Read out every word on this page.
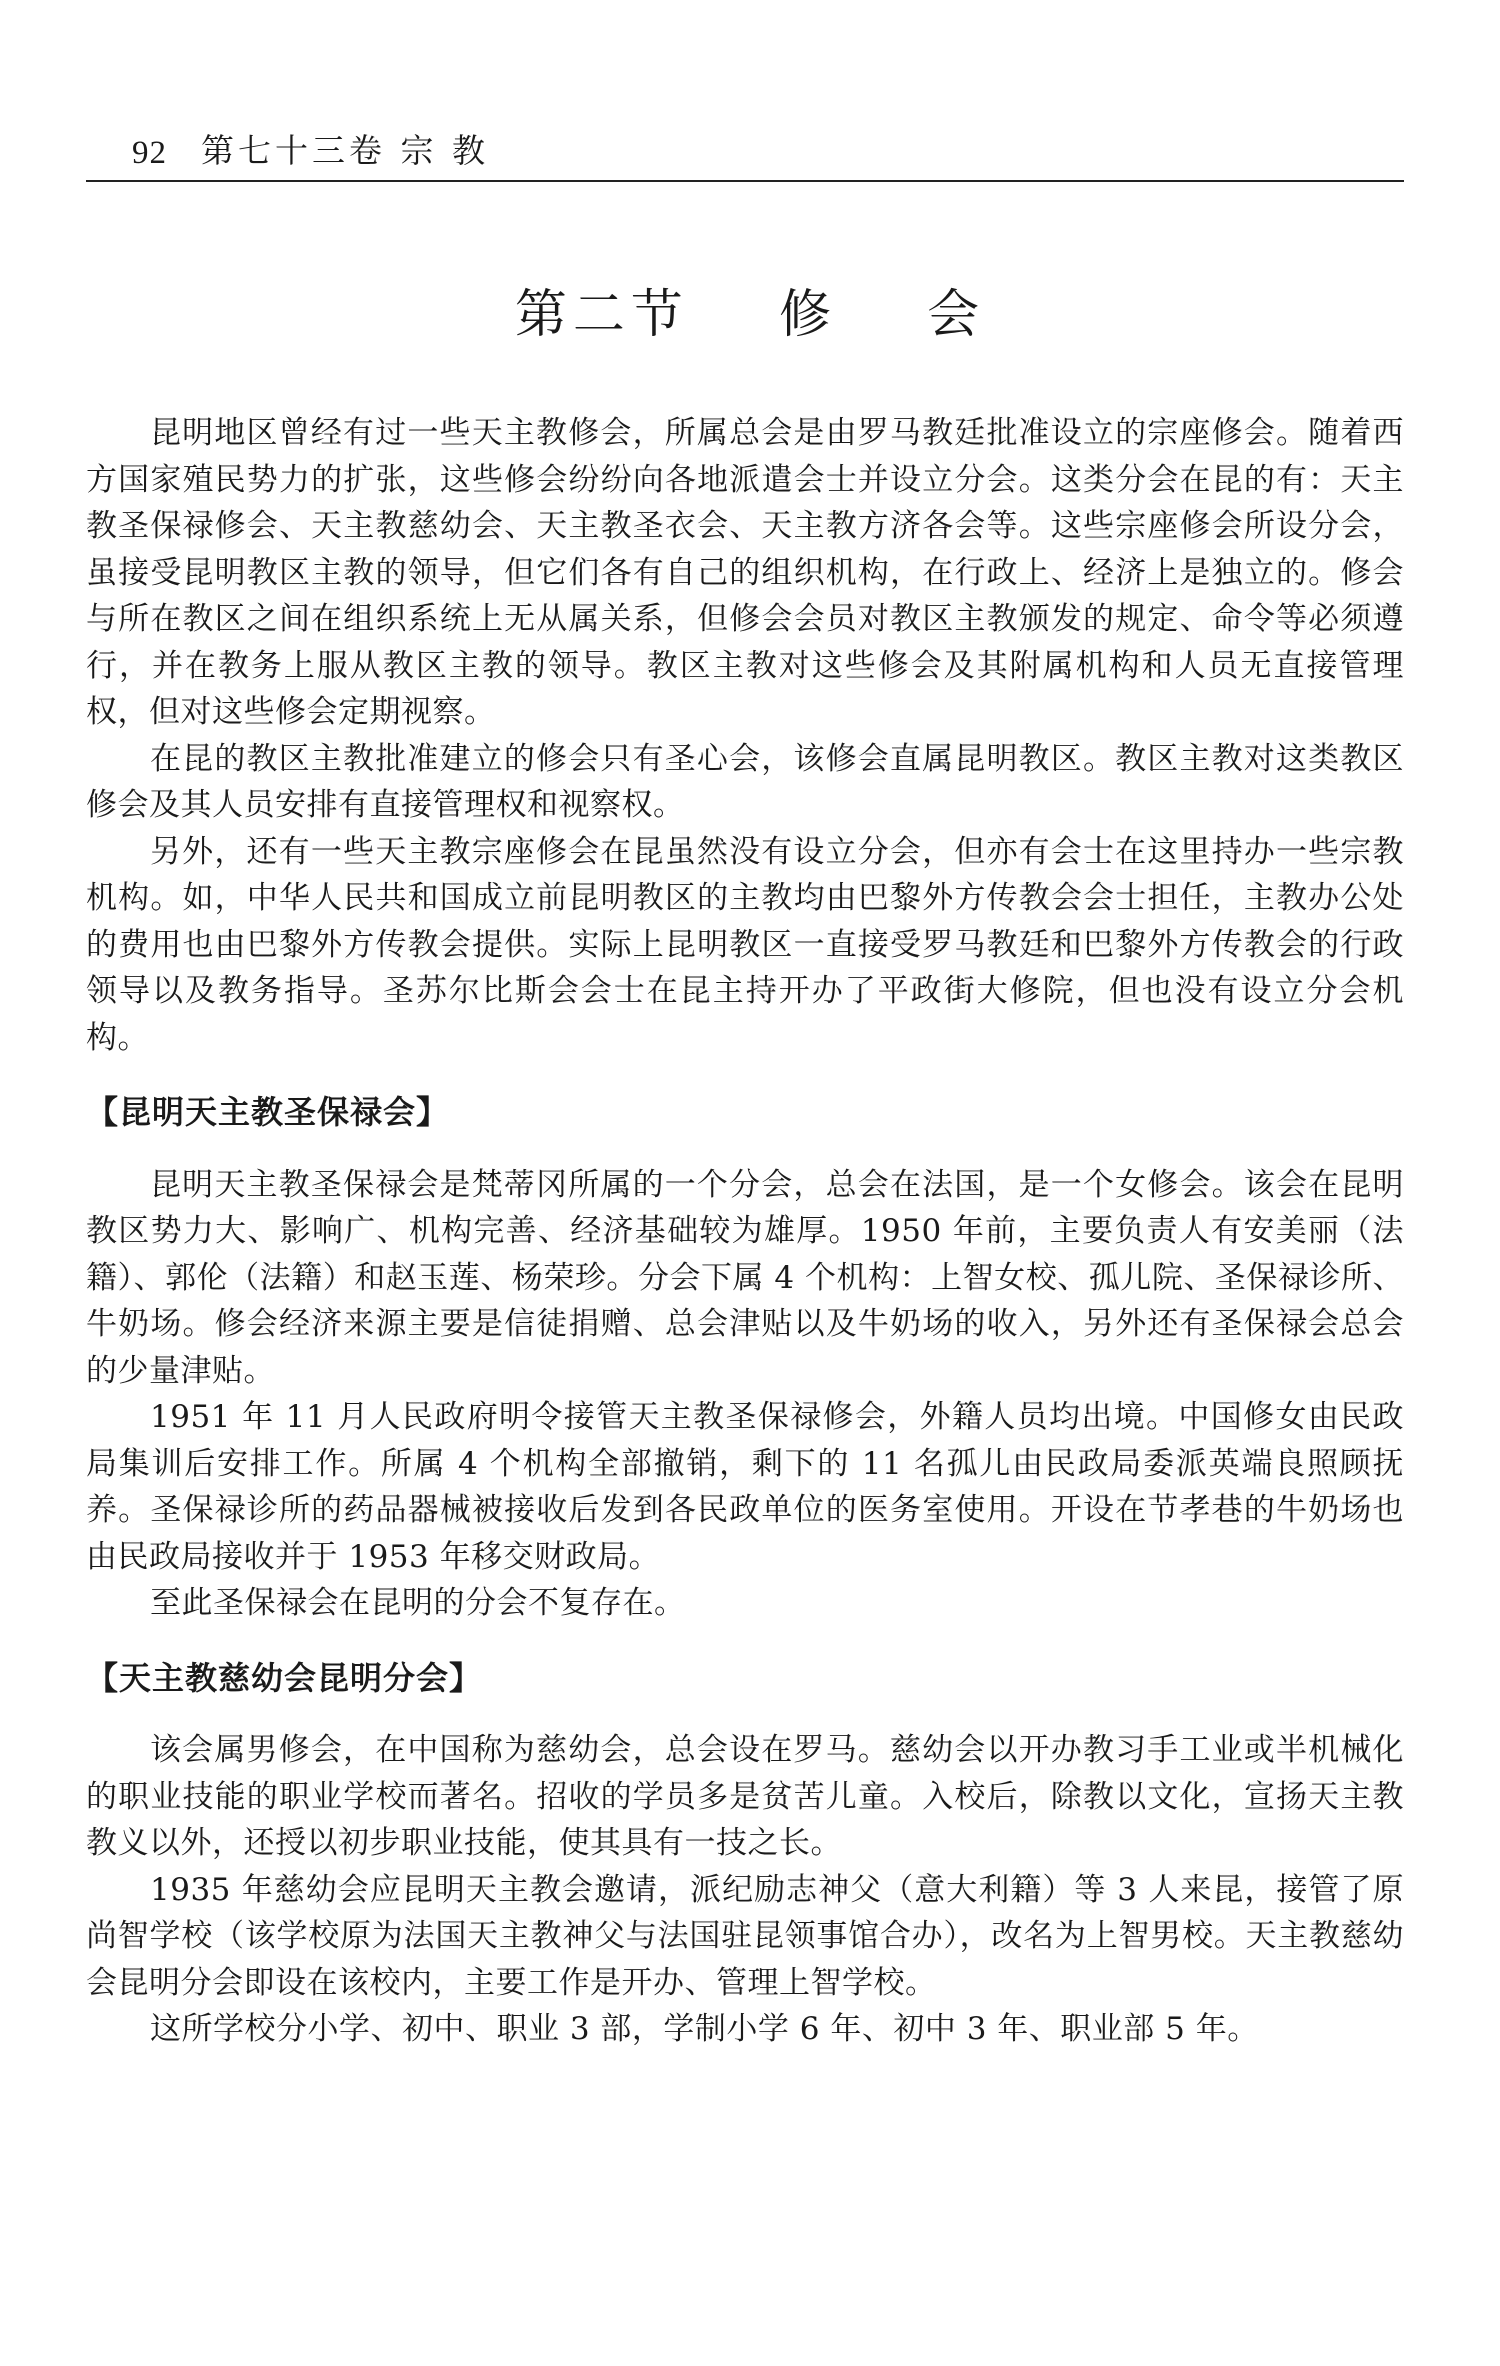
92 第七十三卷 宗 教
第二节    修    会

昆明地区曾经有过一些天主教修会，所属总会是由罗马教廷批准设立的宗座修会。随着西方国家殖民势力的扩张，这些修会纷纷向各地派遣会士并设立分会。这类分会在昆的有：天主教圣保禄修会、天主教慈幼会、天主教圣衣会、天主教方济各会等。这些宗座修会所设分会，虽接受昆明教区主教的领导，但它们各有自己的组织机构，在行政上、经济上是独立的。修会与所在教区之间在组织系统上无从属关系，但修会会员对教区主教颁发的规定、命令等必须遵行，并在教务上服从教区主教的领导。教区主教对这些修会及其附属机构和人员无直接管理权，但对这些修会定期视察。

在昆的教区主教批准建立的修会只有圣心会，该修会直属昆明教区。教区主教对这类教区修会及其人员安排有直接管理权和视察权。

另外，还有一些天主教宗座修会在昆虽然没有设立分会，但亦有会士在这里持办一些宗教机构。如，中华人民共和国成立前昆明教区的主教均由巴黎外方传教会会士担任，主教办公处的费用也由巴黎外方传教会提供。实际上昆明教区一直接受罗马教廷和巴黎外方传教会的行政领导以及教务指导。圣苏尔比斯会会士在昆主持开办了平政街大修院，但也没有设立分会机构。

【昆明天主教圣保禄会】

昆明天主教圣保禄会是梵蒂冈所属的一个分会，总会在法国，是一个女修会。该会在昆明教区势力大、影响广、机构完善、经济基础较为雄厚。1950 年前，主要负责人有安美丽（法籍）、郭伦（法籍）和赵玉莲、杨荣珍。分会下属 4 个机构：上智女校、孤儿院、圣保禄诊所、牛奶场。修会经济来源主要是信徒捐赠、总会津贴以及牛奶场的收入，另外还有圣保禄会总会的少量津贴。

1951 年 11 月人民政府明令接管天主教圣保禄修会，外籍人员均出境。中国修女由民政局集训后安排工作。所属 4 个机构全部撤销，剩下的 11 名孤儿由民政局委派英端良照顾抚养。圣保禄诊所的药品器械被接收后发到各民政单位的医务室使用。开设在节孝巷的牛奶场也由民政局接收并于 1953 年移交财政局。

至此圣保禄会在昆明的分会不复存在。

【天主教慈幼会昆明分会】

该会属男修会，在中国称为慈幼会，总会设在罗马。慈幼会以开办教习手工业或半机械化的职业技能的职业学校而著名。招收的学员多是贫苦儿童。入校后，除教以文化，宣扬天主教教义以外，还授以初步职业技能，使其具有一技之长。

1935 年慈幼会应昆明天主教会邀请，派纪励志神父（意大利籍）等 3 人来昆，接管了原尚智学校（该学校原为法国天主教神父与法国驻昆领事馆合办），改名为上智男校。天主教慈幼会昆明分会即设在该校内，主要工作是开办、管理上智学校。

这所学校分小学、初中、职业 3 部，学制小学 6 年、初中 3 年、职业部 5 年。
